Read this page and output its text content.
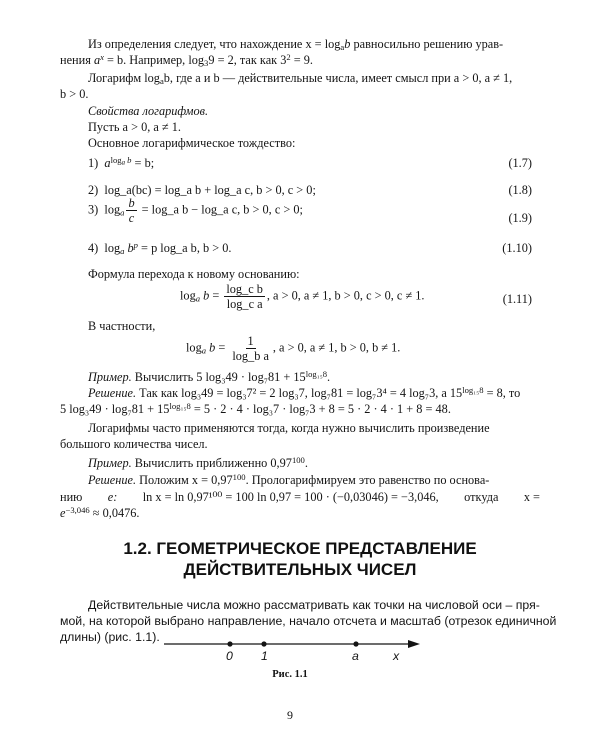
Из определения следует, что нахождение $x = \log_ab$ равносильно решению урав-
нения $a^x = b$. Например, $\log_39 = 2$, так как $3^2 = 9$.
Логарифм $\log_ab$, где a и b — действительные числа, имеет смысл при a > 0, a ≠ 1,
b > 0.
Свойства логарифмов.
Пусть a > 0, a ≠ 1.
Основное логарифмическое тождество:
1) $a^{log_a b} = b$;	(1.7)
2) log_a(bc) = log_a b + log_a c, b > 0, c > 0;	(1.8)
3)  $\log_a \frac{b}{c}$ = log_a b − log_a c, b > 0, c > 0;
(1.9)
4)  $\log_a b^p = p$ log_a b, b > 0.	(1.10)
Формула перехода к новому основанию:
$\log_a b = \frac{\text{log\_c b}}{\text{log\_c a}}$ , a > 0, a ≠ 1, b > 0, c > 0, c ≠ 1.	(1.11)
В частности,
$\log_a b = \frac{1}{\text{log\_b a}}$ , a > 0, a ≠ 1, b > 0, b ≠ 1.
Пример. Вычислить 5 $\log_349 \cdot \log_781 + 15^{log_{15}8}$.
Решение. Так как log₃49 = log₃7² = 2 log₃7, log₇81 = log₇3⁴ = 4 log₇3, а $15^{log_{15}8} = 8$, то
5 $\log_349 \cdot \log_781 + 15^{log_{15}8} = 5 \cdot 2 \cdot 4 \cdot \log_37 \cdot \log_73 + 8 = 5 \cdot 2 \cdot 4 \cdot 1 + 8 = 48$.
Логарифмы часто применяются тогда, когда нужно вычислить произведение
большого количества чисел.
Пример. Вычислить приближенно 0,97$^{100}$.
Решение. Положим $x = 0,97^{100}$. Прологарифмируем это равенство по основа-
нию e: ln x = ln 0,97¹⁰⁰ = 100 ln 0,97 = 100 · (−0,03046) = −3,046, откуда x =
$e^{-3,046} \approx 0,0476$.
1.2. ГЕОМЕТРИЧЕСКОЕ ПРЕДСТАВЛЕНИЕ
ДЕЙСТВИТЕЛЬНЫХ ЧИСЕЛ
Действительные числа можно рассматривать как точки на числовой оси – пря-
мой, на которой выбрано направление, начало отсчета и масштаб (отрезок единичной
длины) (рис. 1.1).
0 1	a	x
Рис. 1.1
9
